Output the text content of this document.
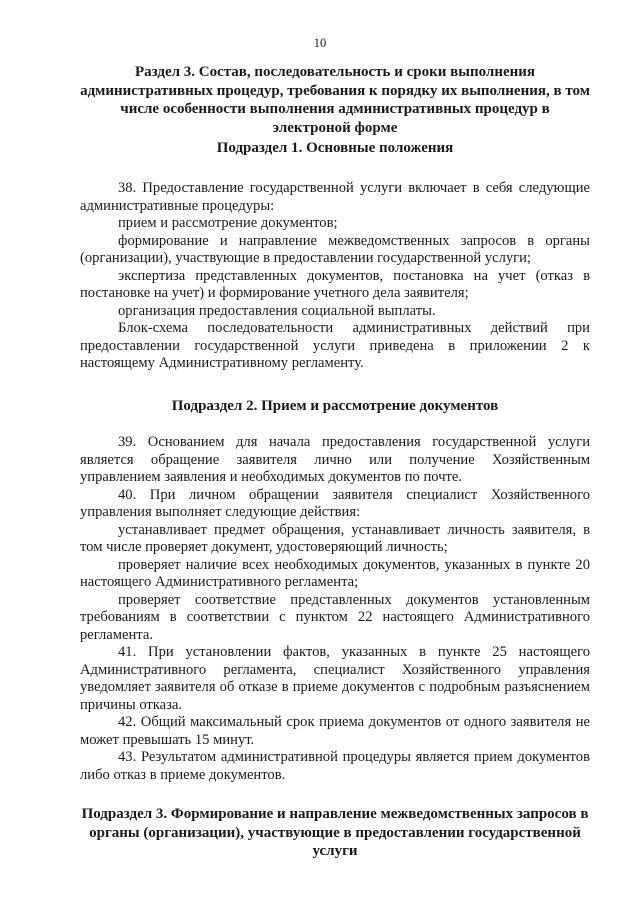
10
Раздел 3. Состав, последовательность и сроки выполнения административных процедур, требования к порядку их выполнения, в том числе особенности выполнения административных процедур в электроной форме
Подраздел 1. Основные положения

38. Предоставление государственной услуги включает в себя следующие административные процедуры:

прием и рассмотрение документов;

формирование и направление межведомственных запросов в органы (организации), участвующие в предоставлении государственной услуги;

экспертиза представленных документов, постановка на учет (отказ в постановке на учет) и формирование учетного дела заявителя;

организация предоставления социальной выплаты.

Блок-схема последовательности административных действий при предоставлении государственной услуги приведена в приложении 2 к настоящему Административному регламенту.

Подраздел 2. Прием и рассмотрение документов

39. Основанием для начала предоставления государственной услуги является обращение заявителя лично или получение Хозяйственным управлением заявления и необходимых документов по почте.

40. При личном обращении заявителя специалист Хозяйственного управления выполняет следующие действия:

устанавливает предмет обращения, устанавливает личность заявителя, в том числе проверяет документ, удостоверяющий личность;

проверяет наличие всех необходимых документов, указанных в пункте 20 настоящего Административного регламента;

проверяет соответствие представленных документов установленным требованиям в соответствии с пунктом 22 настоящего Административного регламента.

41. При установлении фактов, указанных в пункте 25 настоящего Административного регламента, специалист Хозяйственного управления уведомляет заявителя об отказе в приеме документов с подробным разъяснением причины отказа.

42. Общий максимальный срок приема документов от одного заявителя не может превышать 15 минут.

43. Результатом административной процедуры является прием документов либо отказ в приеме документов.

Подраздел 3. Формирование и направление межведомственных запросов в органы (организации), участвующие в предоставлении государственной услуги
